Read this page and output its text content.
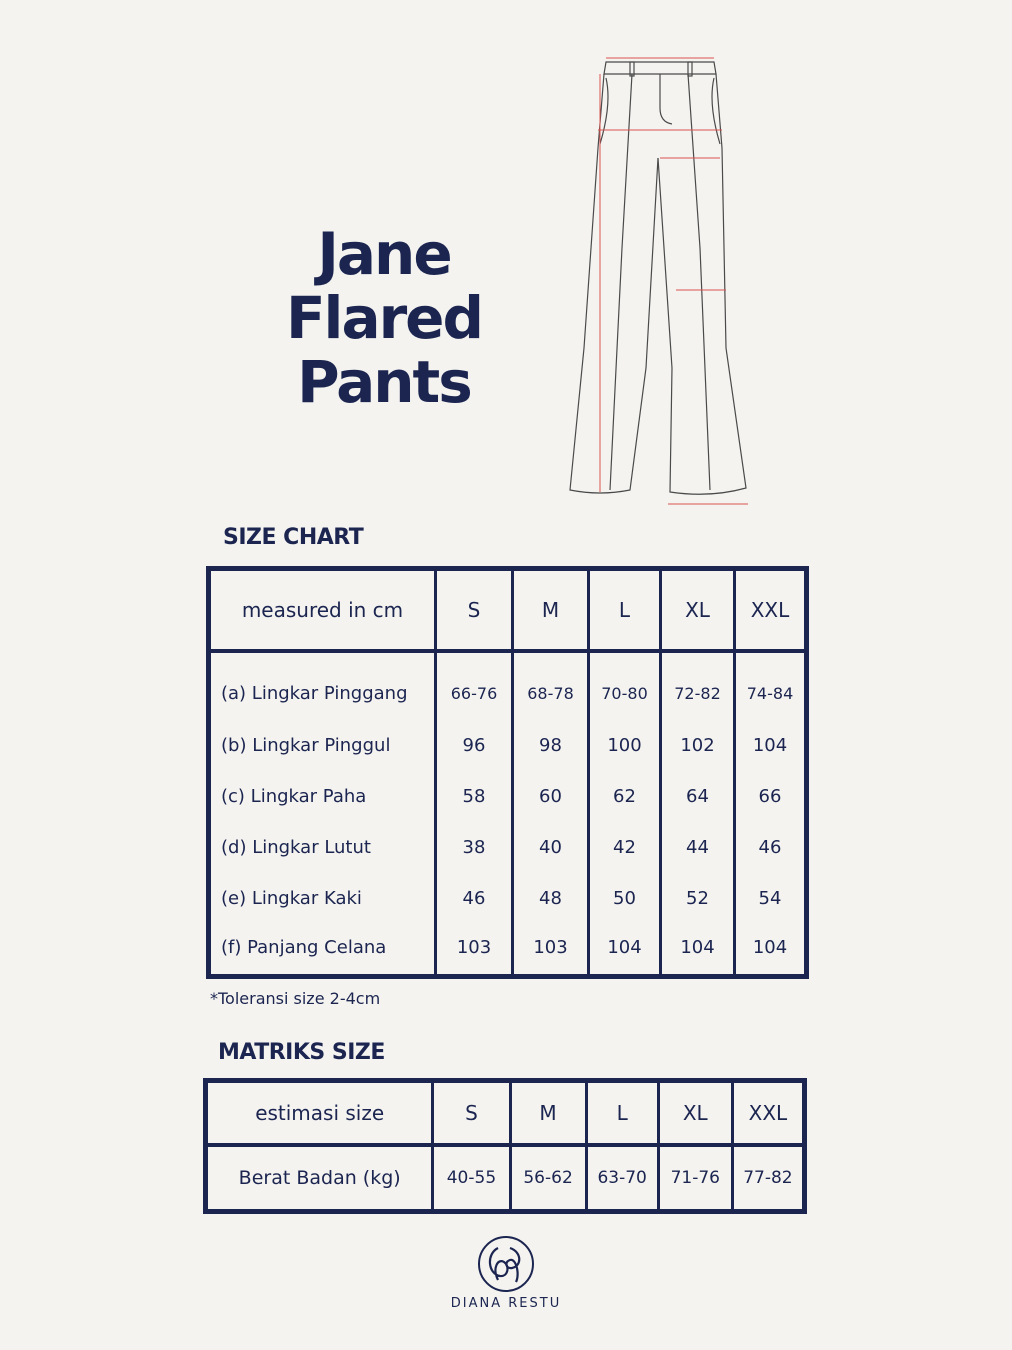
Jane
Flared
Pants
SIZE CHART
measured in cm	S	M	L	XL	XXL
(a) Lingkar Pinggang	66-76	68-78	70-80	72-82	74-84
(b) Lingkar Pinggul	96	98	100	102	104
(c) Lingkar Paha	58	60	62	64	66
(d) Lingkar Lutut	38	40	42	44	46
(e) Lingkar Kaki	46	48	50	52	54
(f) Panjang Celana	103	103	104	104	104
*Toleransi size 2-4cm
MATRIKS SIZE
estimasi size	S	M	L	XL	XXL
Berat Badan (kg)	40-55	56-62	63-70	71-76	77-82
DIANA RESTU
